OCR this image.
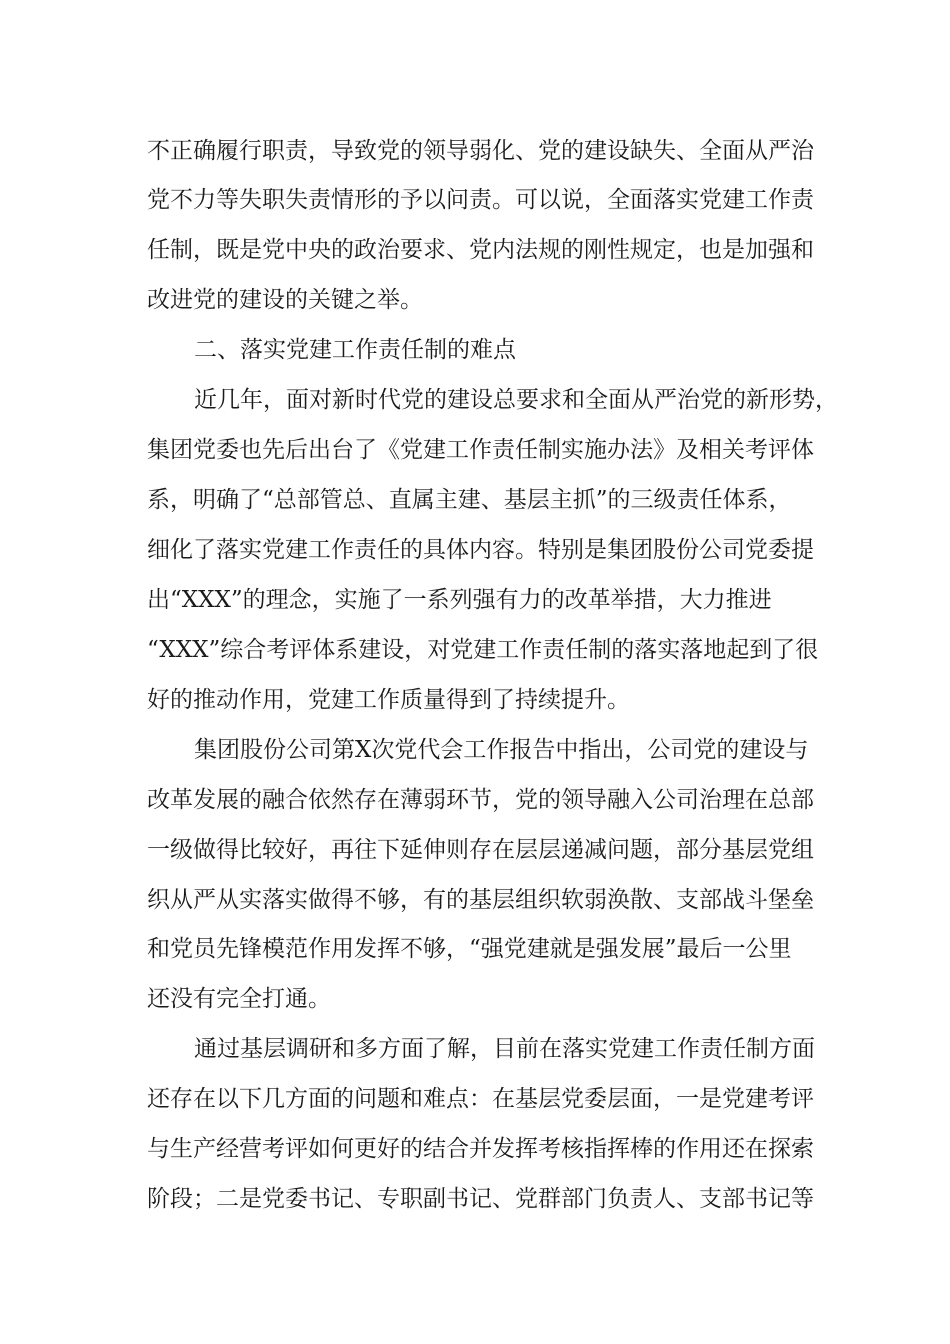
不正确履行职责，导致党的领导弱化、党的建设缺失、全面从严治
党不力等失职失责情形的予以问责。可以说，全面落实党建工作责
任制，既是党中央的政治要求、党内法规的刚性规定，也是加强和
改进党的建设的关键之举。
二、落实党建工作责任制的难点
近几年，面对新时代党的建设总要求和全面从严治党的新形势，
集团党委也先后出台了《党建工作责任制实施办法》及相关考评体
系，明确了“总部管总、直属主建、基层主抓”的三级责任体系，
细化了落实党建工作责任的具体内容。特别是集团股份公司党委提
出“XXX”的理念，实施了一系列强有力的改革举措，大力推进
“XXX”综合考评体系建设，对党建工作责任制的落实落地起到了很
好的推动作用，党建工作质量得到了持续提升。
集团股份公司第X次党代会工作报告中指出，公司党的建设与
改革发展的融合依然存在薄弱环节，党的领导融入公司治理在总部
一级做得比较好，再往下延伸则存在层层递减问题，部分基层党组
织从严从实落实做得不够，有的基层组织软弱涣散、支部战斗堡垒
和党员先锋模范作用发挥不够，“强党建就是强发展”最后一公里
还没有完全打通。
通过基层调研和多方面了解，目前在落实党建工作责任制方面
还存在以下几方面的问题和难点：在基层党委层面，一是党建考评
与生产经营考评如何更好的结合并发挥考核指挥棒的作用还在探索
阶段；二是党委书记、专职副书记、党群部门负责人、支部书记等
